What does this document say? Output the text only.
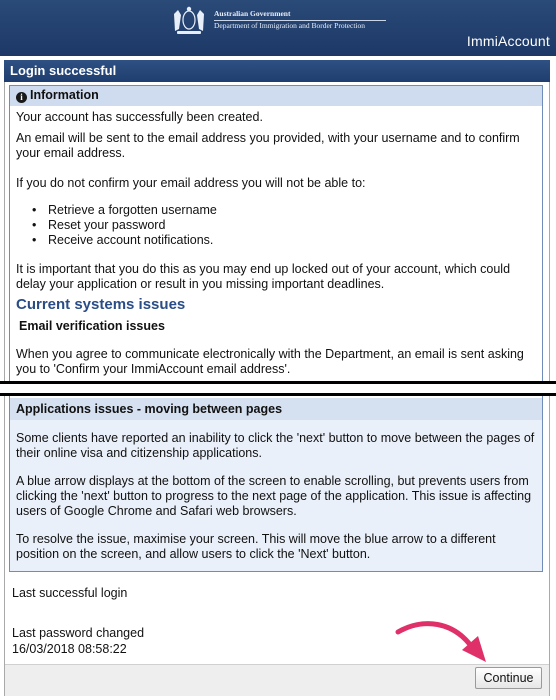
Australian Government
Department of Immigration and Border Protection
ImmiAccount
Login successful
i Information
Your account has successfully been created.
An email will be sent to the email address you provided, with your username and to confirm your email address.
If you do not confirm your email address you will not be able to:
• Retrieve a forgotten username
• Reset your password
• Receive account notifications.
It is important that you do this as you may end up locked out of your account, which could delay your application or result in you missing important deadlines.
Current systems issues
Email verification issues
When you agree to communicate electronically with the Department, an email is sent asking you to 'Confirm your ImmiAccount email address'.
Applications issues - moving between pages
Some clients have reported an inability to click the 'next' button to move between the pages of their online visa and citizenship applications.
A blue arrow displays at the bottom of the screen to enable scrolling, but prevents users from clicking the 'next' button to progress to the next page of the application. This issue is affecting users of Google Chrome and Safari web browsers.
To resolve the issue, maximise your screen. This will move the blue arrow to a different position on the screen, and allow users to click the 'Next' button.
Last successful login
Last password changed
16/03/2018 08:58:22
Continue
